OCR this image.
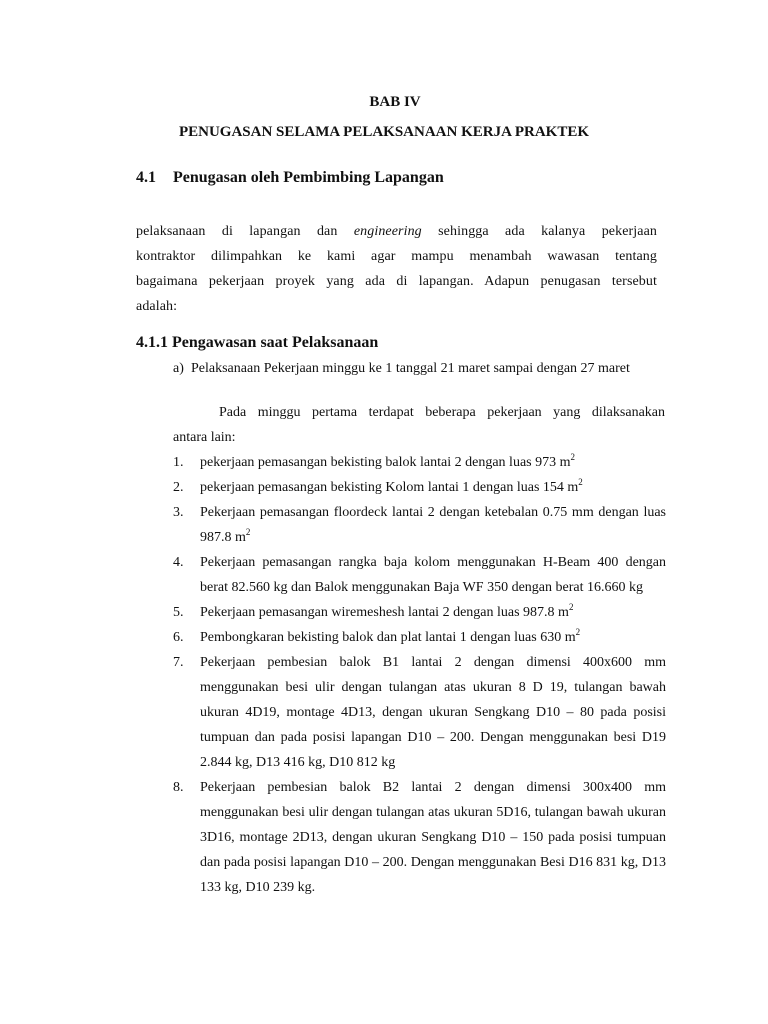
BAB IV
PENUGASAN SELAMA PELAKSANAAN KERJA PRAKTEK
4.1 Penugasan oleh Pembimbing Lapangan
pelaksanaan di lapangan dan engineering sehingga ada kalanya pekerjaan
kontraktor dilimpahkan ke kami agar mampu menambah wawasan tentang
bagaimana pekerjaan proyek yang ada di lapangan. Adapun penugasan tersebut
adalah:
4.1.1 Pengawasan saat Pelaksanaan
a) Pelaksanaan Pekerjaan minggu ke 1 tanggal 21 maret sampai dengan 27 maret
Pada minggu pertama terdapat beberapa pekerjaan yang dilaksanakan
antara lain:
1. pekerjaan pemasangan bekisting balok lantai 2 dengan luas 973 $m^2$
2. pekerjaan pemasangan bekisting Kolom lantai 1 dengan luas 154 $m^2$
3. Pekerjaan pemasangan floordeck lantai 2 dengan ketebalan 0.75 mm dengan luas 987.8 $m^2$
4. Pekerjaan pemasangan rangka baja kolom menggunakan H-Beam 400 dengan berat 82.560 kg dan Balok menggunakan Baja WF 350 dengan berat 16.660 kg
5. Pekerjaan pemasangan wiremeshesh lantai 2 dengan luas 987.8 $m^2$
6. Pembongkaran bekisting balok dan plat lantai 1 dengan luas 630 $m^2$
7. Pekerjaan pembesian balok B1 lantai 2 dengan dimensi 400x600 mm menggunakan besi ulir dengan tulangan atas ukuran 8 D 19, tulangan bawah ukuran 4D19, montage 4D13, dengan ukuran Sengkang D10 – 80 pada posisi tumpuan dan pada posisi lapangan D10 – 200. Dengan menggunakan besi D19 2.844 kg, D13 416 kg, D10 812 kg
8. Pekerjaan pembesian balok B2 lantai 2 dengan dimensi 300x400 mm menggunakan besi ulir dengan tulangan atas ukuran 5D16, tulangan bawah ukuran 3D16, montage 2D13, dengan ukuran Sengkang D10 – 150 pada posisi tumpuan dan pada posisi lapangan D10 – 200. Dengan menggunakan Besi D16 831 kg, D13 133 kg, D10 239 kg.
